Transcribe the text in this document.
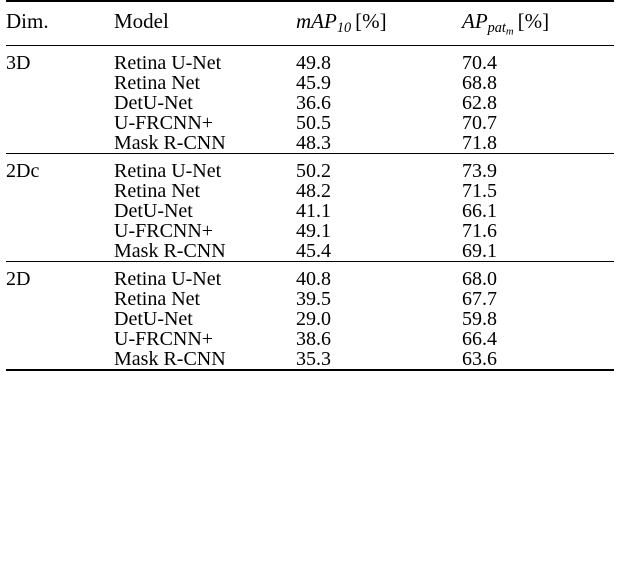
Dim.	Model	mAP$_{10}$ [%]	$AP_{patm}$ [%]

3D	Retina U-Net	49.8	70.4
	Retina Net	45.9	68.8
	DetU-Net	36.6	62.8
	U-FRCNN+	50.5	70.7
	Mask R-CNN	48.3	71.8

2Dc	Retina U-Net	50.2	73.9
	Retina Net	48.2	71.5
	DetU-Net	41.1	66.1
	U-FRCNN+	49.1	71.6
	Mask R-CNN	45.4	69.1

2D	Retina U-Net	40.8	68.0
	Retina Net	39.5	67.7
	DetU-Net	29.0	59.8
	U-FRCNN+	38.6	66.4
	Mask R-CNN	35.3	63.6
